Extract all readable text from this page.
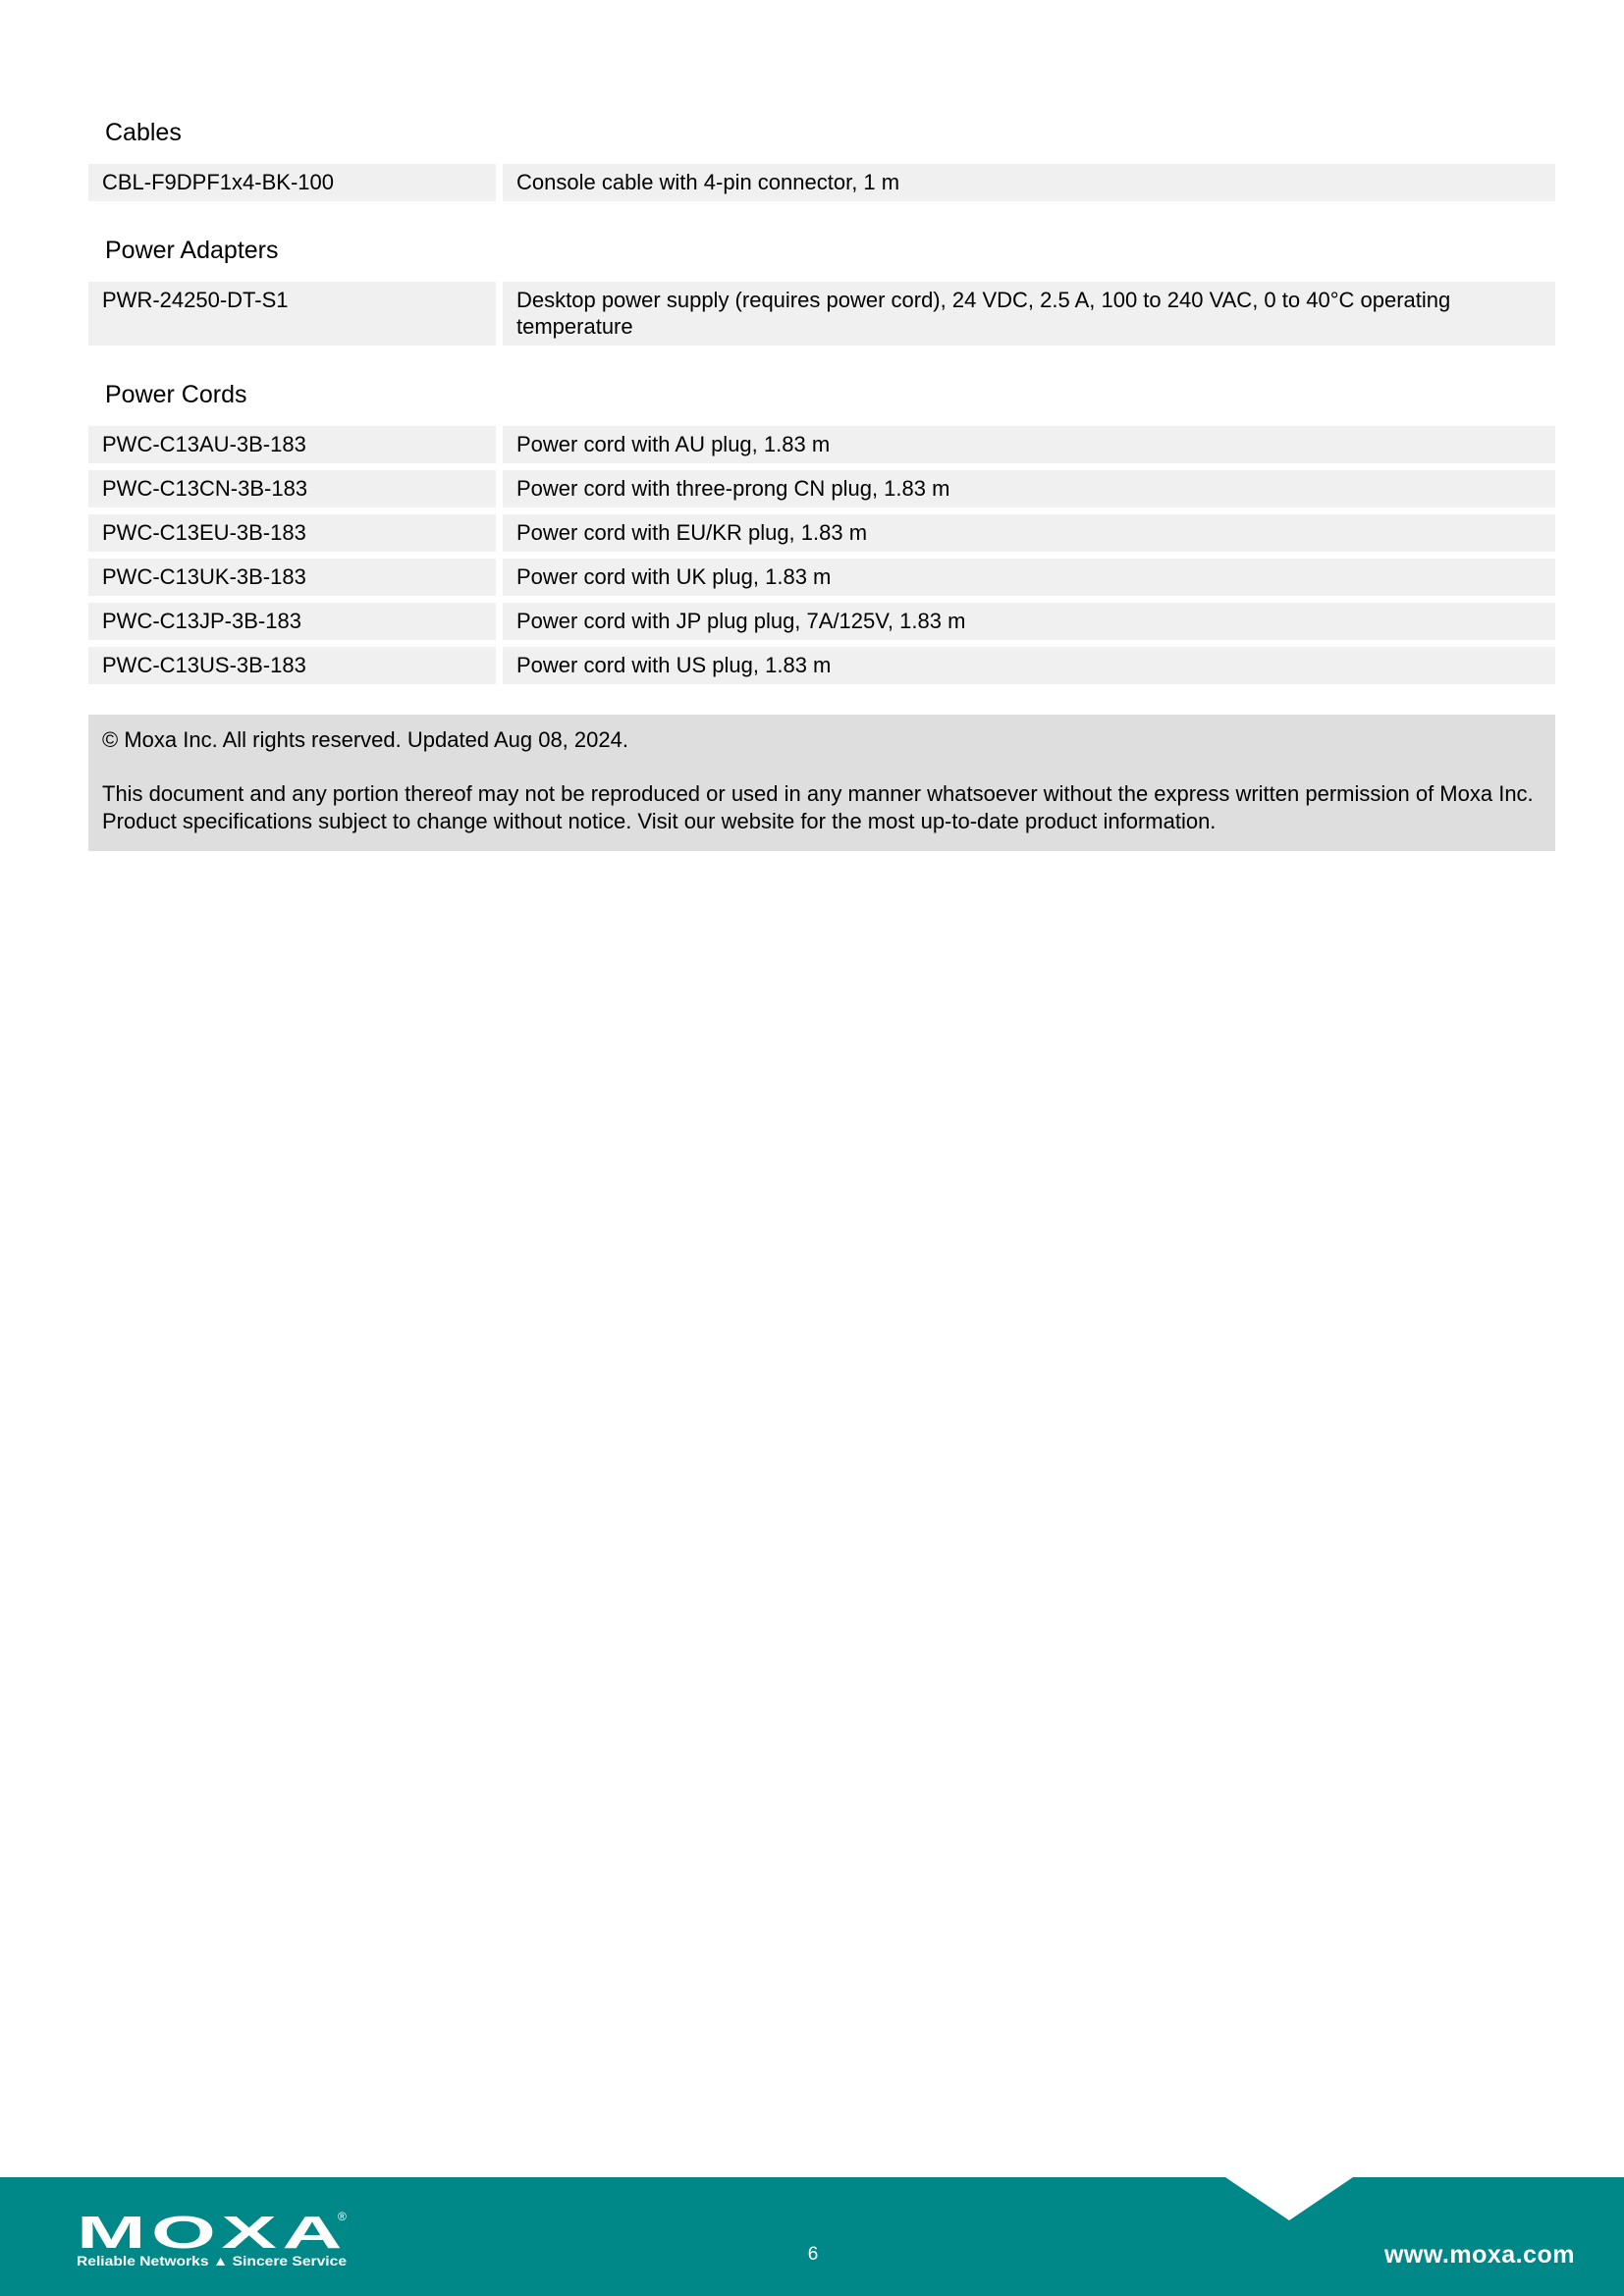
Cables
CBL-F9DPF1x4-BK-100	Console cable with 4-pin connector, 1 m
Power Adapters
PWR-24250-DT-S1	Desktop power supply (requires power cord), 24 VDC, 2.5 A, 100 to 240 VAC, 0 to 40°C operating temperature
Power Cords
PWC-C13AU-3B-183	Power cord with AU plug, 1.83 m
PWC-C13CN-3B-183	Power cord with three-prong CN plug, 1.83 m
PWC-C13EU-3B-183	Power cord with EU/KR plug, 1.83 m
PWC-C13UK-3B-183	Power cord with UK plug, 1.83 m
PWC-C13JP-3B-183	Power cord with JP plug plug, 7A/125V, 1.83 m
PWC-C13US-3B-183	Power cord with US plug, 1.83 m

© Moxa Inc. All rights reserved. Updated Aug 08, 2024.

This document and any portion thereof may not be reproduced or used in any manner whatsoever without the express written permission of Moxa Inc. Product specifications subject to change without notice. Visit our website for the most up-to-date product information.

MOXA
®
Reliable Networks ▲ Sincere Service	6	www.moxa.com
